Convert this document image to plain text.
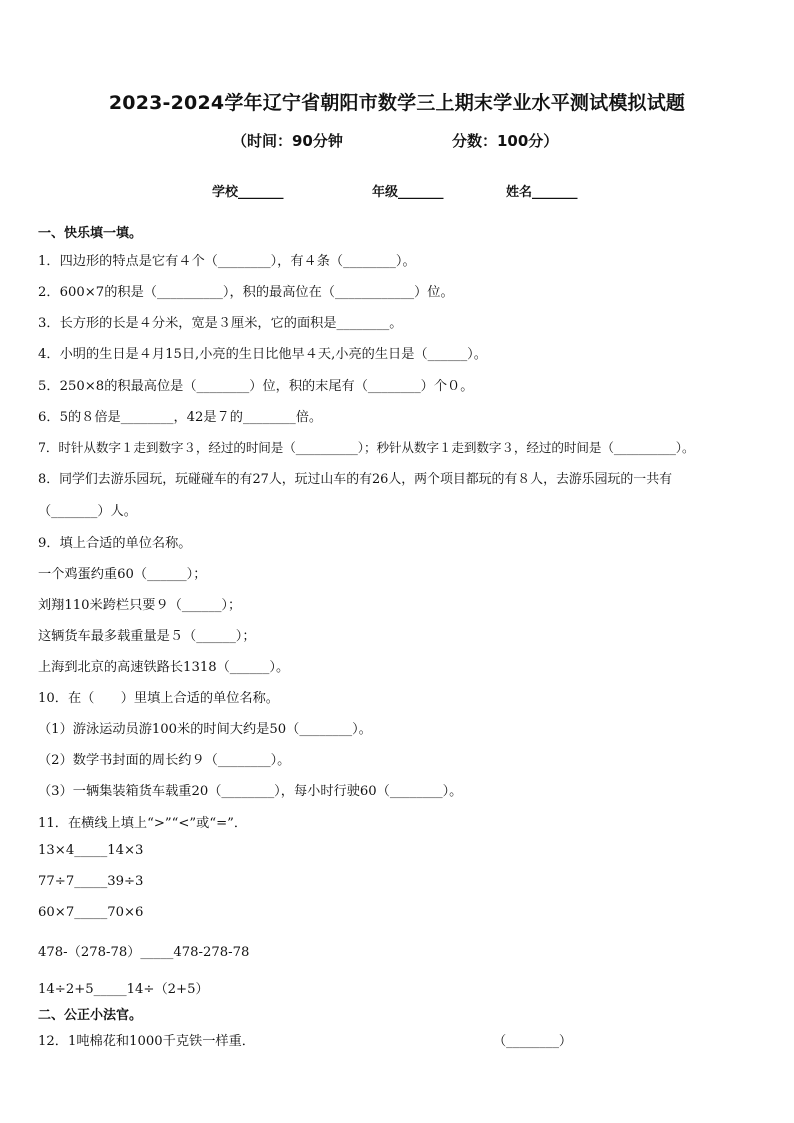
2023-2024学年辽宁省朝阳市数学三上期末学业水平测试模拟试题
（时间：90分钟	分数：100分）
学校_______	年级_______	姓名_______
一、快乐填一填。
1．四边形的特点是它有４个（________），有４条（________）。
2．600×7的积是（__________），积的最高位在（____________）位。
3．长方形的长是４分米，宽是３厘米，它的面积是________。
4．小明的生日是４月15日,小亮的生日比他早４天,小亮的生日是（______）。
5．250×8的积最高位是（________）位，积的末尾有（________）个０。
6．5的８倍是________，42是７的________倍。
7．时针从数字１走到数字３，经过的时间是（__________）；秒针从数字１走到数字３，经过的时间是（__________）。
8．同学们去游乐园玩，玩碰碰车的有27人，玩过山车的有26人，两个项目都玩的有８人，去游乐园玩的一共有
（_______）人。
9．填上合适的单位名称。
一个鸡蛋约重60（______）；
刘翔110米跨栏只要９（______）；
这辆货车最多载重量是５（______）；
上海到北京的高速铁路长1318（______）。
10．在（　　）里填上合适的单位名称。
（1）游泳运动员游100米的时间大约是50（________）。
（2）数学书封面的周长约９（________）。
（3）一辆集装箱货车载重20（________），每小时行驶60（________）。
11．在横线上填上“>”“<”或“=”．
13×4_____14×3
77÷7_____39÷3
60×7_____70×6
478-（278-78）_____478-278-78
14÷2+5_____14÷（2+5）
二、公正小法官。
12．1吨棉花和1000千克铁一样重．	（________）
